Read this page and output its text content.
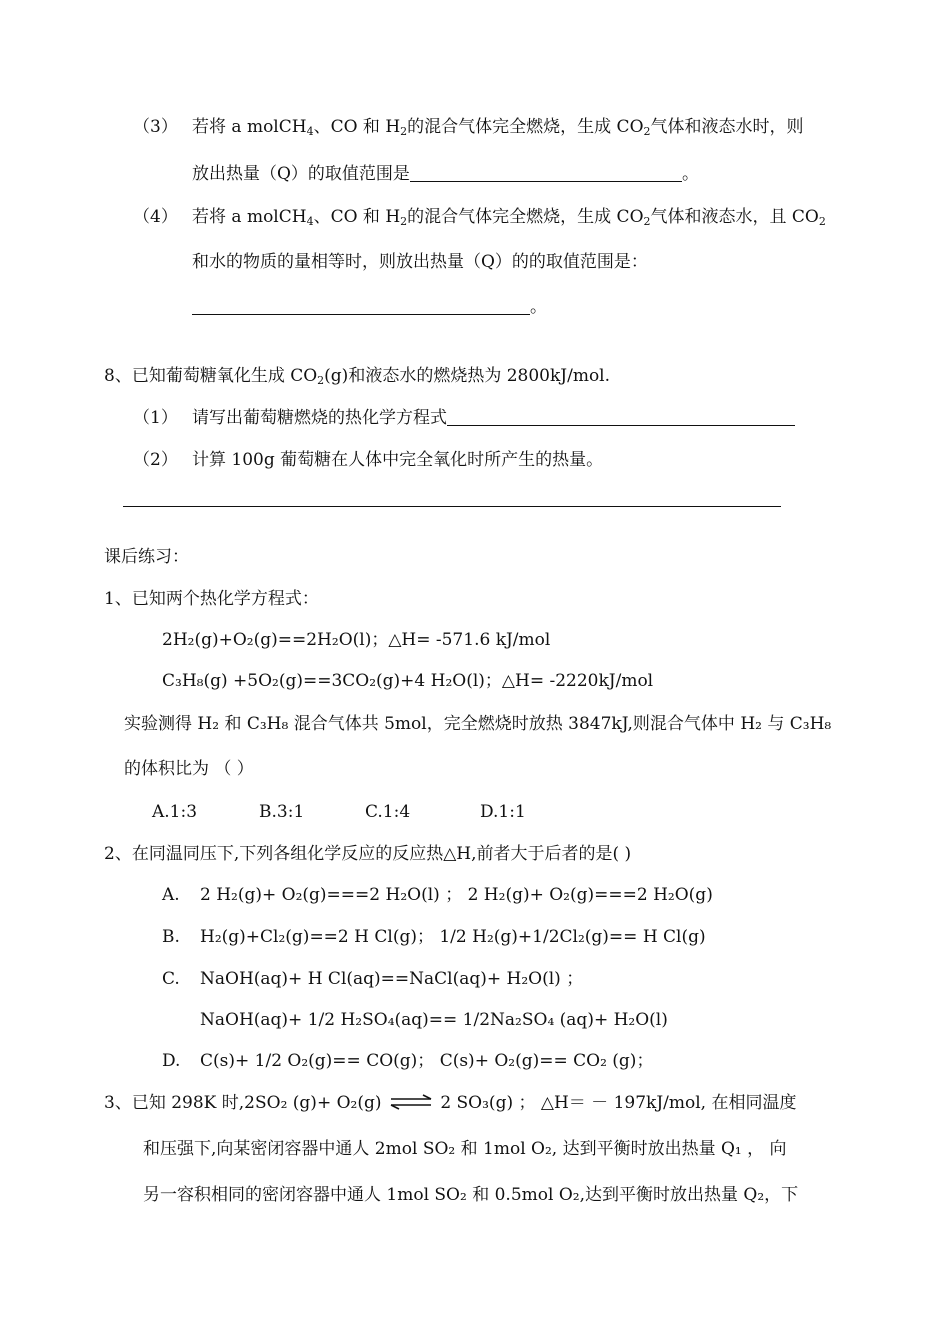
（3） 若将 a molCH$_4$、CO 和 $H_2$的混合气体完全燃烧，生成 $CO_2$气体和液态水时，则
放出热量（Q）的取值范围是	。
（4） 若将 a molCH$_4$、CO 和 $H_2$的混合气体完全燃烧，生成 $CO_2$气体和液态水，且 $CO_2$
和水的物质的量相等时，则放出热量（Q）的的取值范围是：
。
8、已知葡萄糖氧化生成 $CO_2(g)$和液态水的燃烧热为 2800kJ/mol.
（1） 请写出葡萄糖燃烧的热化学方程式
（2） 计算 100g 葡萄糖在人体中完全氧化时所产生的热量。
课后练习：
1、已知两个热化学方程式：
2H₂(g)+O₂(g)==2H₂O(l)；△H= -571.6 kJ/mol
C₃H₈(g) +5O₂(g)==3CO₂(g)+4 H₂O(l)；△H= -2220kJ/mol
实验测得 H₂ 和 C₃H₈ 混合气体共 5mol，完全燃烧时放热 3847kJ,则混合气体中 H₂ 与 C₃H₈
的体积比为 （ ）
A.1:3	B.3:1	C.1:4	D.1:1
2、在同温同压下,下列各组化学反应的反应热△H,前者大于后者的是( )
A. 2 H₂(g)+ O₂(g)===2 H₂O(l) ； 2 H₂(g)+ O₂(g)===2 H₂O(g)
B. H₂(g)+Cl₂(g)==2 H Cl(g)； 1/2 H₂(g)+1/2Cl₂(g)== H Cl(g)
C. NaOH(aq)+ H Cl(aq)==NaCl(aq)+ H₂O(l) ；
NaOH(aq)+ 1/2 H₂SO₄(aq)== 1/2Na₂SO₄ (aq)+ H₂O(l)
D. C(s)+ 1/2 O₂(g)== CO(g)； C(s)+ O₂(g)== CO₂ (g)；
3、已知 298K 时,2SO₂ (g)+ O₂(g) ⇌ 2 SO₃(g) ； △H＝ － 197kJ/mol, 在相同温度
和压强下,向某密闭容器中通人 2mol SO₂ 和 1mol O₂, 达到平衡时放出热量 Q₁ ， 向
另一容积相同的密闭容器中通人 1mol SO₂ 和 0.5mol O₂,达到平衡时放出热量 Q₂，下
